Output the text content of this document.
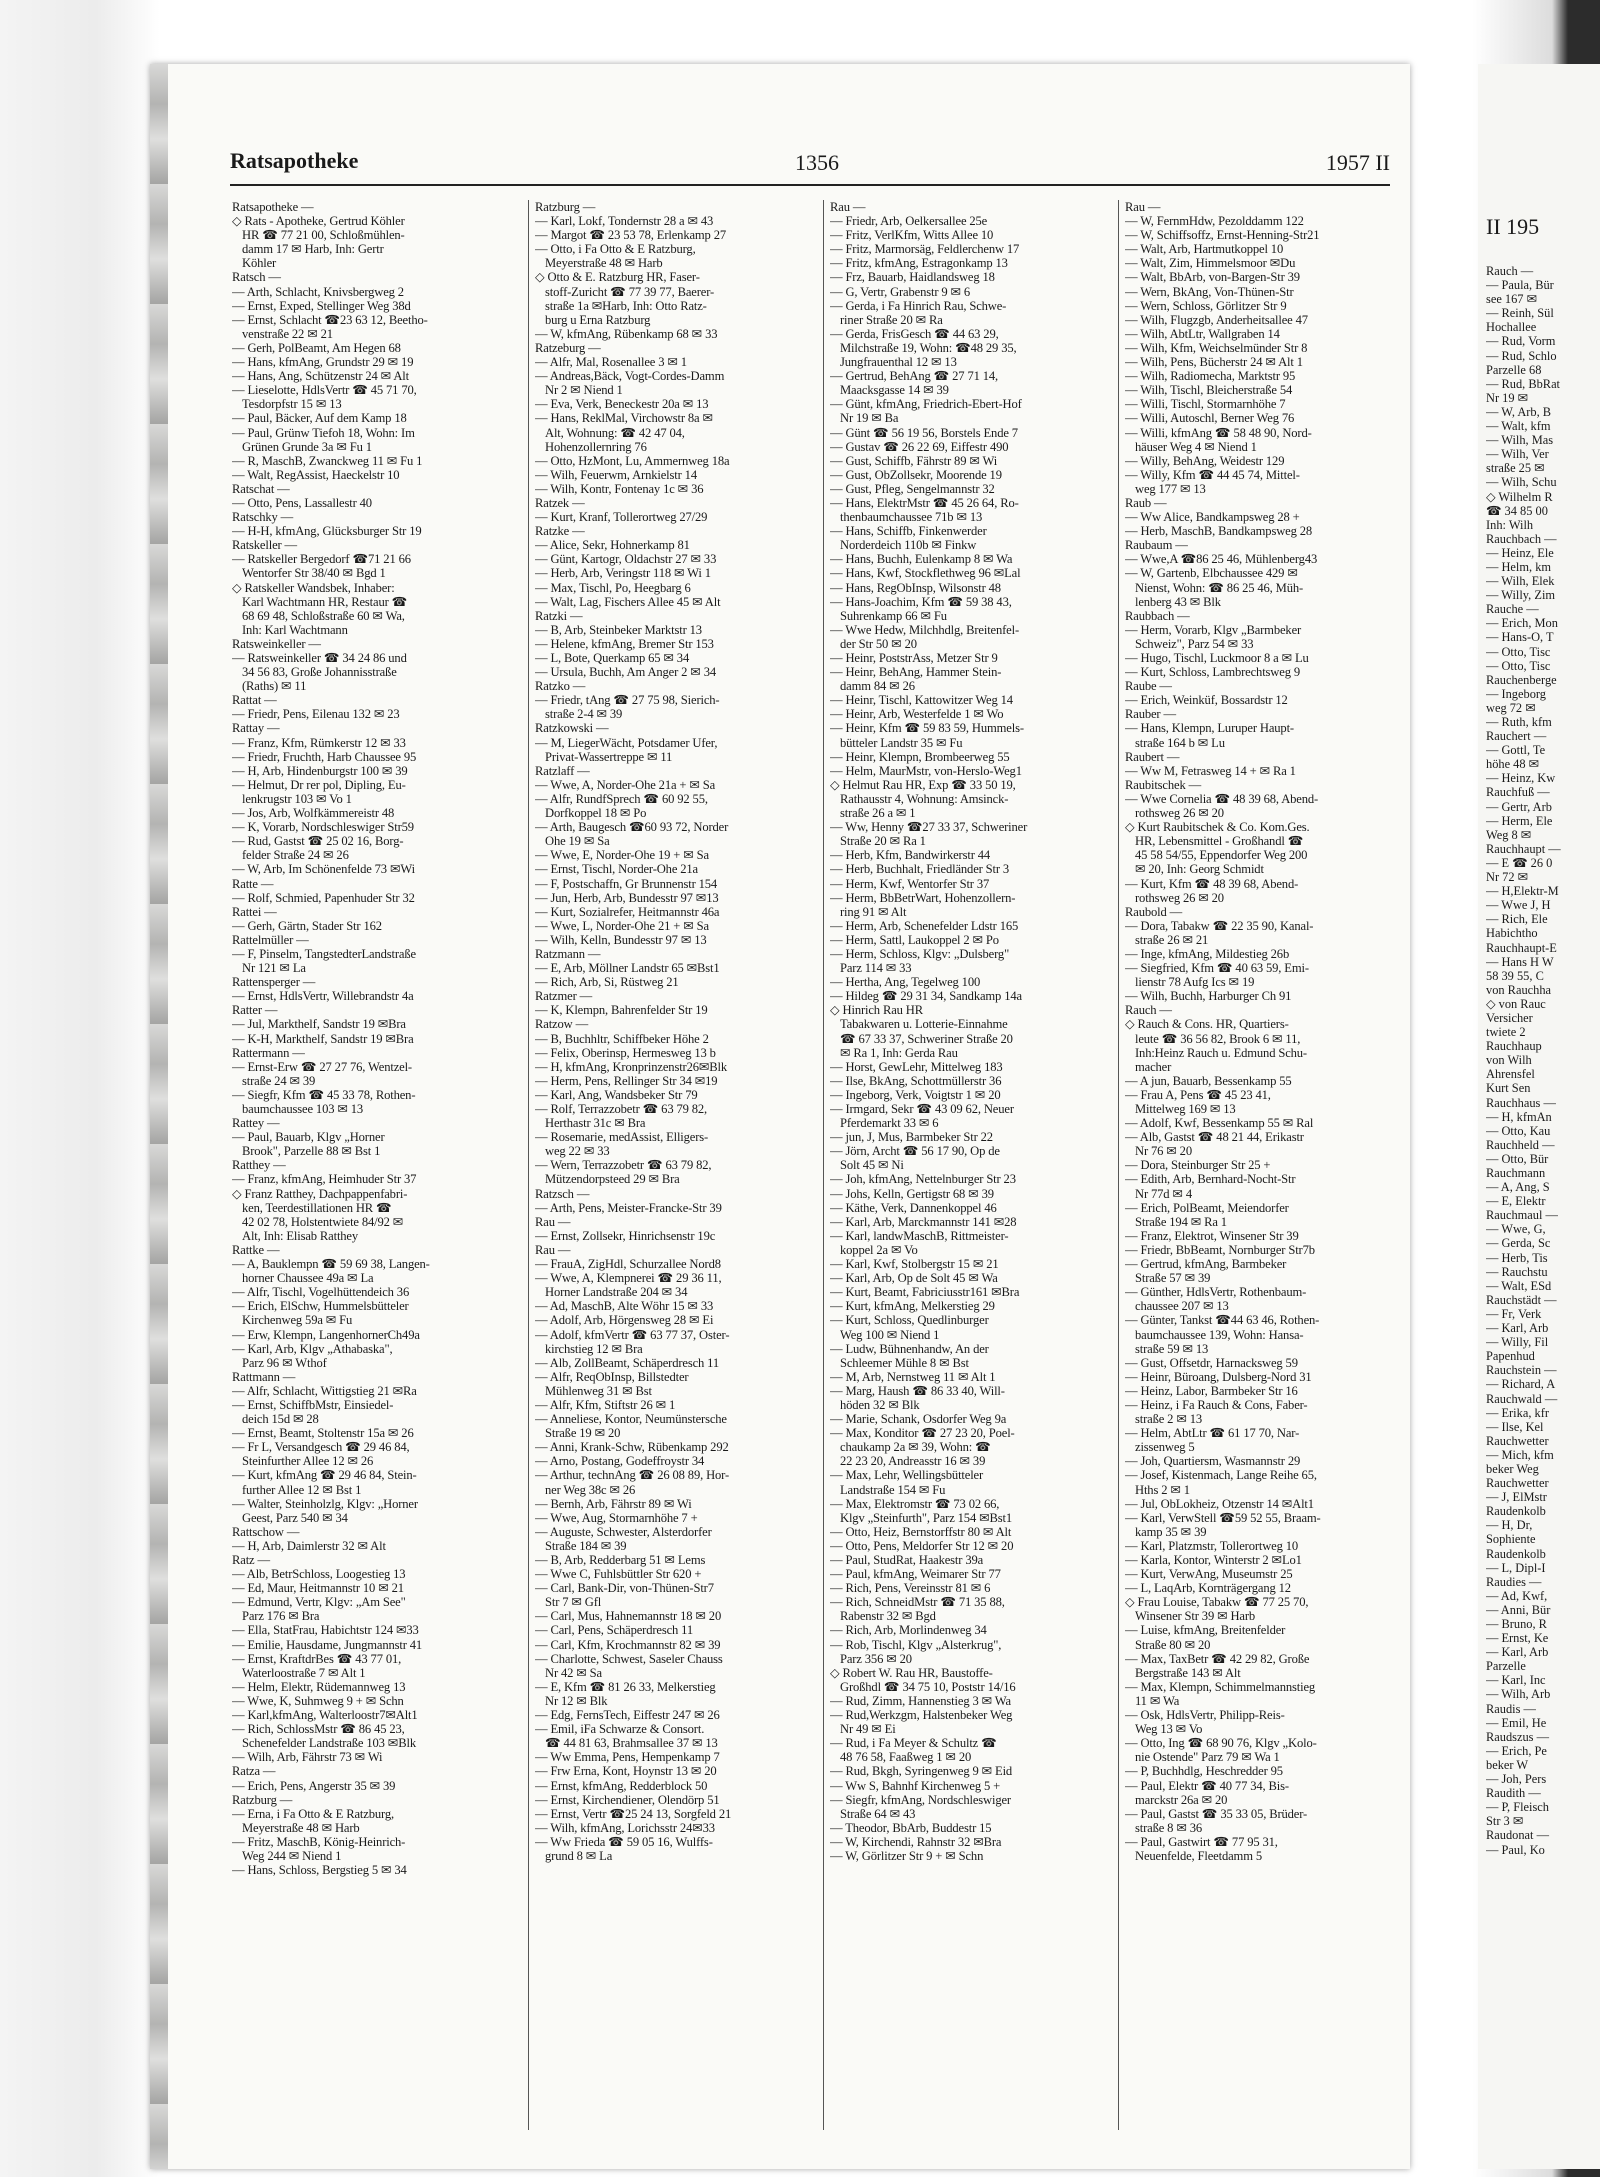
Ratsapotheke	1356	1957 II
Ratsapotheke —
◇ Rats - Apotheke, Gertrud Köhler
HR ☎ 77 21 00, Schloßmühlen-
damm 17 ✉ Harb, Inh: Gertr
Köhler
Ratsch —
— Arth, Schlacht, Knivsbergweg 2
— Ernst, Exped, Stellinger Weg 38d
— Ernst, Schlacht ☎23 63 12, Beetho-
venstraße 22 ✉ 21
— Gerh, PolBeamt, Am Hegen 68
— Hans, kfmAng, Grundstr 29 ✉ 19
— Hans, Ang, Schützenstr 24 ✉ Alt
— Lieselotte, HdlsVertr ☎ 45 71 70,
Tesdorpfstr 15 ✉ 13
— Paul, Bäcker, Auf dem Kamp 18
— Paul, Grünw Tiefoh 18, Wohn: Im
Grünen Grunde 3a ✉ Fu 1
— R, MaschB, Zwanckweg 11 ✉ Fu 1
— Walt, RegAssist, Haeckelstr 10
Ratschat —
— Otto, Pens, Lassallestr 40
Ratschky —
— H-H, kfmAng, Glücksburger Str 19
Ratskeller —
— Ratskeller Bergedorf ☎71 21 66
Wentorfer Str 38/40 ✉ Bgd 1
◇ Ratskeller Wandsbek, Inhaber:
Karl Wachtmann HR, Restaur ☎
68 69 48, Schloßstraße 60 ✉ Wa,
Inh: Karl Wachtmann
Ratsweinkeller —
— Ratsweinkeller ☎ 34 24 86 und
34 56 83, Große Johannisstraße
(Raths) ✉ 11
Rattat —
— Friedr, Pens, Eilenau 132 ✉ 23
Rattay —
— Franz, Kfm, Rümkerstr 12 ✉ 33
— Friedr, Fruchth, Harb Chaussee 95
— H, Arb, Hindenburgstr 100 ✉ 39
— Helmut, Dr rer pol, Dipling, Eu-
lenkrugstr 103 ✉ Vo 1
— Jos, Arb, Wolfkämmereistr 48
— K, Vorarb, Nordschleswiger Str59
— Rud, Gastst ☎ 25 02 16, Borg-
felder Straße 24 ✉ 26
— W, Arb, Im Schönenfelde 73 ✉Wi
Ratte —
— Rolf, Schmied, Papenhuder Str 32
Rattei —
— Gerh, Gärtn, Stader Str 162
Rattelmüller —
— F, Pinselm, TangstedterLandstraße
Nr 121 ✉ La
Rattensperger —
— Ernst, HdlsVertr, Willebrandstr 4a
Ratter —
— Jul, Markthelf, Sandstr 19 ✉Bra
— K-H, Markthelf, Sandstr 19 ✉Bra
Rattermann —
— Ernst-Erw ☎ 27 27 76, Wentzel-
straße 24 ✉ 39
— Siegfr, Kfm ☎ 45 33 78, Rothen-
baumchaussee 103 ✉ 13
Rattey —
— Paul, Bauarb, Klgv „Horner
Brook", Parzelle 88 ✉ Bst 1
Ratthey —
— Franz, kfmAng, Heimhuder Str 37
◇ Franz Ratthey, Dachpappenfabri-
ken, Teerdestillationen HR ☎
42 02 78, Holstentwiete 84/92 ✉
Alt, Inh: Elisab Ratthey
Rattke —
— A, Bauklempn ☎ 59 69 38, Langen-
horner Chaussee 49a ✉ La
— Alfr, Tischl, Vogelhüttendeich 36
— Erich, ElSchw, Hummelsbütteler
Kirchenweg 59a ✉ Fu
— Erw, Klempn, LangenhornerCh49a
— Karl, Arb, Klgv „Athabaska",
Parz 96 ✉ Wthof
Rattmann —
— Alfr, Schlacht, Wittigstieg 21 ✉Ra
— Ernst, SchiffbMstr, Einsiedel-
deich 15d ✉ 28
— Ernst, Beamt, Stoltenstr 15a ✉ 26
— Fr L, Versandgesch ☎ 29 46 84,
Steinfurther Allee 12 ✉ 26
— Kurt, kfmAng ☎ 29 46 84, Stein-
further Allee 12 ✉ Bst 1
— Walter, Steinholzlg, Klgv: „Horner
Geest, Parz 540 ✉ 34
Rattschow —
— H, Arb, Daimlerstr 32 ✉ Alt
Ratz —
— Alb, BetrSchloss, Loogestieg 13
— Ed, Maur, Heitmannstr 10 ✉ 21
— Edmund, Vertr, Klgv: „Am See"
Parz 176 ✉ Bra
— Ella, StatFrau, Habichtstr 124 ✉33
— Emilie, Hausdame, Jungmannstr 41
— Ernst, KraftdrBes ☎ 43 77 01,
Waterloostraße 7 ✉ Alt 1
— Helm, Elektr, Rüdemannweg 13
— Wwe, K, Suhmweg 9 + ✉ Schn
— Karl,kfmAng, Walterloostr7✉Alt1
— Rich, SchlossMstr ☎ 86 45 23,
Schenefelder Landstraße 103 ✉Blk
— Wilh, Arb, Fährstr 73 ✉ Wi
Ratza —
— Erich, Pens, Angerstr 35 ✉ 39
Ratzburg —
— Erna, i Fa Otto & E Ratzburg,
Meyerstraße 48 ✉ Harb
— Fritz, MaschB, König-Heinrich-
Weg 244 ✉ Niend 1
— Hans, Schloss, Bergstieg 5 ✉ 34
Ratzburg —
— Karl, Lokf, Tondernstr 28 a ✉ 43
— Margot ☎ 23 53 78, Erlenkamp 27
— Otto, i Fa Otto & E Ratzburg,
Meyerstraße 48 ✉ Harb
◇ Otto & E. Ratzburg HR, Faser-
stoff-Zuricht ☎ 77 39 77, Baerer-
straße 1a ✉Harb, Inh: Otto Ratz-
burg u Erna Ratzburg
— W, kfmAng, Rübenkamp 68 ✉ 33
Ratzeburg —
— Alfr, Mal, Rosenallee 3 ✉ 1
— Andreas,Bäck, Vogt-Cordes-Damm
Nr 2 ✉ Niend 1
— Eva, Verk, Beneckestr 20a ✉ 13
— Hans, ReklMal, Virchowstr 8a ✉
Alt, Wohnung: ☎ 42 47 04,
Hohenzollernring 76
— Otto, HzMont, Lu, Ammernweg 18a
— Wilh, Feuerwm, Arnkielstr 14
— Wilh, Kontr, Fontenay 1c ✉ 36
Ratzek —
— Kurt, Kranf, Tollerortweg 27/29
Ratzke —
— Alice, Sekr, Hohnerkamp 81
— Günt, Kartogr, Oldachstr 27 ✉ 33
— Herb, Arb, Veringstr 118 ✉ Wi 1
— Max, Tischl, Po, Heegbarg 6
— Walt, Lag, Fischers Allee 45 ✉ Alt
Ratzki —
— B, Arb, Steinbeker Marktstr 13
— Helene, kfmAng, Bremer Str 153
— L, Bote, Querkamp 65 ✉ 34
— Ursula, Buchh, Am Anger 2 ✉ 34
Ratzko —
— Friedr, tAng ☎ 27 75 98, Sierich-
straße 2-4 ✉ 39
Ratzkowski —
— M, LiegerWächt, Potsdamer Ufer,
Privat-Wassertreppe ✉ 11
Ratzlaff —
— Wwe, A, Norder-Ohe 21a + ✉ Sa
— Alfr, RundfSprech ☎ 60 92 55,
Dorfkoppel 18 ✉ Po
— Arth, Baugesch ☎60 93 72, Norder
Ohe 19 ✉ Sa
— Wwe, E, Norder-Ohe 19 + ✉ Sa
— Ernst, Tischl, Norder-Ohe 21a
— F, Postschaffn, Gr Brunnenstr 154
— Jun, Herb, Arb, Bundesstr 97 ✉13
— Kurt, Sozialrefer, Heitmannstr 46a
— Wwe, L, Norder-Ohe 21 + ✉ Sa
— Wilh, Kelln, Bundesstr 97 ✉ 13
Ratzmann —
— E, Arb, Möllner Landstr 65 ✉Bst1
— Rich, Arb, Si, Rüstweg 21
Ratzmer —
— K, Klempn, Bahrenfelder Str 19
Ratzow —
— B, Buchhltr, Schiffbeker Höhe 2
— Felix, Oberinsp, Hermesweg 13 b
— H, kfmAng, Kronprinzenstr26✉Blk
— Herm, Pens, Rellinger Str 34 ✉19
— Karl, Ang, Wandsbeker Str 79
— Rolf, Terrazzobetr ☎ 63 79 82,
Herthastr 31c ✉ Bra
— Rosemarie, medAssist, Elligers-
weg 22 ✉ 33
— Wern, Terrazzobetr ☎ 63 79 82,
Mützendorpsteed 29 ✉ Bra
Ratzsch —
— Arth, Pens, Meister-Francke-Str 39
Rau —
— Ernst, Zollsekr, Hinrichsenstr 19c
Rau —
— FrauA, ZigHdl, Schurzallee Nord8
— Wwe, A, Klempnerei ☎ 29 36 11,
Horner Landstraße 204 ✉ 34
— Ad, MaschB, Alte Wöhr 15 ✉ 33
— Adolf, Arb, Hörgensweg 28 ✉ Ei
— Adolf, kfmVertr ☎ 63 77 37, Oster-
kirchstieg 12 ✉ Bra
— Alb, ZollBeamt, Schäperdresch 11
— Alfr, ReqObInsp, Billstedter
Mühlenweg 31 ✉ Bst
— Alfr, Kfm, Stiftstr 26 ✉ 1
— Anneliese, Kontor, Neumünstersche
Straße 19 ✉ 20
— Anni, Krank-Schw, Rübenkamp 292
— Arno, Postang, Godeffroystr 34
— Arthur, technAng ☎ 26 08 89, Hor-
ner Weg 38c ✉ 26
— Bernh, Arb, Fährstr 89 ✉ Wi
— Wwe, Aug, Stormarnhöhe 7 +
— Auguste, Schwester, Alsterdorfer
Straße 184 ✉ 39
— B, Arb, Redderbarg 51 ✉ Lems
— Wwe C, Fuhlsbüttler Str 620 +
— Carl, Bank-Dir, von-Thünen-Str7
Str 7 ✉ Gfl
— Carl, Mus, Hahnemannstr 18 ✉ 20
— Carl, Pens, Schäperdresch 11
— Carl, Kfm, Krochmannstr 82 ✉ 39
— Charlotte, Schwest, Saseler Chauss
Nr 42 ✉ Sa
— E, Kfm ☎ 81 26 33, Melkerstieg
Nr 12 ✉ Blk
— Edg, FernsTech, Eiffestr 247 ✉ 26
— Emil, iFa Schwarze & Consort.
☎ 44 81 63, Brahmsallee 37 ✉ 13
— Ww Emma, Pens, Hempenkamp 7
— Frw Erna, Kont, Hoynstr 13 ✉ 20
— Ernst, kfmAng, Redderblock 50
— Ernst, Kirchendiener, Olendörp 51
— Ernst, Vertr ☎25 24 13, Sorgfeld 21
— Wilh, kfmAng, Lorichsstr 24✉33
— Ww Frieda ☎ 59 05 16, Wulffs-
grund 8 ✉ La
Rau —
— Friedr, Arb, Oelkersallee 25e
— Fritz, VerlKfm, Witts Allee 10
— Fritz, Marmorsäg, Feldlerchenw 17
— Fritz, kfmAng, Estragonkamp 13
— Frz, Bauarb, Haidlandsweg 18
— G, Vertr, Grabenstr 9 ✉ 6
— Gerda, i Fa Hinrich Rau, Schwe-
riner Straße 20 ✉ Ra
— Gerda, FrisGesch ☎ 44 63 29,
Milchstraße 19, Wohn: ☎48 29 35,
Jungfrauenthal 12 ✉ 13
— Gertrud, BehAng ☎ 27 71 14,
Maacksgasse 14 ✉ 39
— Günt, kfmAng, Friedrich-Ebert-Hof
Nr 19 ✉ Ba
— Günt ☎ 56 19 56, Borstels Ende 7
— Gustav ☎ 26 22 69, Eiffestr 490
— Gust, Schiffb, Fährstr 89 ✉ Wi
— Gust, ObZollsekr, Moorende 19
— Gust, Pfleg, Sengelmannstr 32
— Hans, ElektrMstr ☎ 45 26 64, Ro-
thenbaumchaussee 71b ✉ 13
— Hans, Schiffb, Finkenwerder
Norderdeich 110b ✉ Finkw
— Hans, Buchh, Eulenkamp 8 ✉ Wa
— Hans, Kwf, Stockflethweg 96 ✉Lal
— Hans, RegObInsp, Wilsonstr 48
— Hans-Joachim, Kfm ☎ 59 38 43,
Suhrenkamp 66 ✉ Fu
— Wwe Hedw, Milchhdlg, Breitenfel-
der Str 50 ✉ 20
— Heinr, PoststrAss, Metzer Str 9
— Heinr, BehAng, Hammer Stein-
damm 84 ✉ 26
— Heinr, Tischl, Kattowitzer Weg 14
— Heinr, Arb, Westerfelde 1 ✉ Wo
— Heinr, Kfm ☎ 59 83 59, Hummels-
bütteler Landstr 35 ✉ Fu
— Heinr, Klempn, Brombeerweg 55
— Helm, MaurMstr, von-Herslo-Weg1
◇ Helmut Rau HR, Exp ☎ 33 50 19,
Rathausstr 4, Wohnung: Amsinck-
straße 26 a ✉ 1
— Ww, Henny ☎27 33 37, Schweriner
Straße 20 ✉ Ra 1
— Herb, Kfm, Bandwirkerstr 44
— Herb, Buchhalt, Friedländer Str 3
— Herm, Kwf, Wentorfer Str 37
— Herm, BbBetrWart, Hohenzollern-
ring 91 ✉ Alt
— Herm, Arb, Schenefelder Ldstr 165
— Herm, Sattl, Laukoppel 2 ✉ Po
— Herm, Schloss, Klgv: „Dulsberg"
Parz 114 ✉ 33
— Hertha, Ang, Tegelweg 100
— Hildeg ☎ 29 31 34, Sandkamp 14a
◇ Hinrich Rau HR
Tabakwaren u. Lotterie-Einnahme
☎ 67 33 37, Schweriner Straße 20
✉ Ra 1, Inh: Gerda Rau
— Horst, GewLehr, Mittelweg 183
— Ilse, BkAng, Schottmüllerstr 36
— Ingeborg, Verk, Voigtstr 1 ✉ 20
— Irmgard, Sekr ☎ 43 09 62, Neuer
Pferdemarkt 33 ✉ 6
— jun, J, Mus, Barmbeker Str 22
— Jörn, Archt ☎ 56 17 90, Op de
Solt 45 ✉ Ni
— Joh, kfmAng, Nettelnburger Str 23
— Johs, Kelln, Gertigstr 68 ✉ 39
— Käthe, Verk, Dannenkoppel 46
— Karl, Arb, Marckmannstr 141 ✉28
— Karl, landwMaschB, Rittmeister-
koppel 2a ✉ Vo
— Karl, Kwf, Stolbergstr 15 ✉ 21
— Karl, Arb, Op de Solt 45 ✉ Wa
— Kurt, Beamt, Fabriciusstr161 ✉Bra
— Kurt, kfmAng, Melkerstieg 29
— Kurt, Schloss, Quedlinburger
Weg 100 ✉ Niend 1
— Ludw, Bühnenhandw, An der
Schleemer Mühle 8 ✉ Bst
— M, Arb, Nernstweg 11 ✉ Alt 1
— Marg, Haush ☎ 86 33 40, Will-
höden 32 ✉ Blk
— Marie, Schank, Osdorfer Weg 9a
— Max, Konditor ☎ 27 23 20, Poel-
chaukamp 2a ✉ 39, Wohn: ☎
22 23 20, Andreasstr 16 ✉ 39
— Max, Lehr, Wellingsbütteler
Landstraße 154 ✉ Fu
— Max, Elektromstr ☎ 73 02 66,
Klgv „Steinfurth", Parz 154 ✉Bst1
— Otto, Heiz, Bernstorffstr 80 ✉ Alt
— Otto, Pens, Meldorfer Str 12 ✉ 20
— Paul, StudRat, Haakestr 39a
— Paul, kfmAng, Weimarer Str 77
— Rich, Pens, Vereinsstr 81 ✉ 6
— Rich, SchneidMstr ☎ 71 35 88,
Rabenstr 32 ✉ Bgd
— Rich, Arb, Morlindenweg 34
— Rob, Tischl, Klgv „Alsterkrug",
Parz 356 ✉ 20
◇ Robert W. Rau HR, Baustoffe-
Großhdl ☎ 34 75 10, Poststr 14/16
— Rud, Zimm, Hannenstieg 3 ✉ Wa
— Rud,Werkzgm, Halstenbeker Weg
Nr 49 ✉ Ei
— Rud, i Fa Meyer & Schultz ☎
48 76 58, Faaßweg 1 ✉ 20
— Rud, Bkgh, Syringenweg 9 ✉ Eid
— Ww S, Bahnhf Kirchenweg 5 +
— Siegfr, kfmAng, Nordschleswiger
Straße 64 ✉ 43
— Theodor, BbArb, Buddestr 15
— W, Kirchendi, Rahnstr 32 ✉Bra
— W, Görlitzer Str 9 + ✉ Schn
Rau —
— W, FernmHdw, Pezolddamm 122
— W, Schiffsoffz, Ernst-Henning-Str21
— Walt, Arb, Hartmutkoppel 10
— Walt, Zim, Himmelsmoor ✉Du
— Walt, BbArb, von-Bargen-Str 39
— Wern, BkAng, Von-Thünen-Str
— Wern, Schloss, Görlitzer Str 9
— Wilh, Flugzgb, Anderheitsallee 47
— Wilh, AbtLtr, Wallgraben 14
— Wilh, Kfm, Weichselmünder Str 8
— Wilh, Pens, Bücherstr 24 ✉ Alt 1
— Wilh, Radiomecha, Marktstr 95
— Wilh, Tischl, Bleicherstraße 54
— Willi, Tischl, Stormarnhöhe 7
— Willi, Autoschl, Berner Weg 76
— Willi, kfmAng ☎ 58 48 90, Nord-
häuser Weg 4 ✉ Niend 1
— Willy, BehAng, Weidestr 129
— Willy, Kfm ☎ 44 45 74, Mittel-
weg 177 ✉ 13
Raub —
— Ww Alice, Bandkampsweg 28 +
— Herb, MaschB, Bandkampsweg 28
Raubaum —
— Wwe,A ☎86 25 46, Mühlenberg43
— W, Gartenb, Elbchaussee 429 ✉
Nienst, Wohn: ☎ 86 25 46, Müh-
lenberg 43 ✉ Blk
Raubbach —
— Herm, Vorarb, Klgv „Barmbeker
Schweiz", Parz 54 ✉ 33
— Hugo, Tischl, Luckmoor 8 a ✉ Lu
— Kurt, Schloss, Lambrechtsweg 9
Raube —
— Erich, Weinküf, Bossardstr 12
Rauber —
— Hans, Klempn, Luruper Haupt-
straße 164 b ✉ Lu
Raubert —
— Ww M, Fetrasweg 14 + ✉ Ra 1
Raubitschek —
— Wwe Cornelia ☎ 48 39 68, Abend-
rothsweg 26 ✉ 20
◇ Kurt Raubitschek & Co. Kom.Ges.
HR, Lebensmittel - Großhandl ☎
45 58 54/55, Eppendorfer Weg 200
✉ 20, Inh: Georg Schmidt
— Kurt, Kfm ☎ 48 39 68, Abend-
rothsweg 26 ✉ 20
Raubold —
— Dora, Tabakw ☎ 22 35 90, Kanal-
straße 26 ✉ 21
— Inge, kfmAng, Mildestieg 26b
— Siegfried, Kfm ☎ 40 63 59, Emi-
lienstr 78 Aufg Ics ✉ 19
— Wilh, Buchh, Harburger Ch 91
Rauch —
◇ Rauch & Cons. HR, Quartiers-
leute ☎ 36 56 82, Brook 6 ✉ 11,
Inh:Heinz Rauch u. Edmund Schu-
macher
— A jun, Bauarb, Bessenkamp 55
— Frau A, Pens ☎ 45 23 41,
Mittelweg 169 ✉ 13
— Adolf, Kwf, Bessenkamp 55 ✉ Ral
— Alb, Gastst ☎ 48 21 44, Erikastr
Nr 76 ✉ 20
— Dora, Steinburger Str 25 +
— Edith, Arb, Bernhard-Nocht-Str
Nr 77d ✉ 4
— Erich, PolBeamt, Meiendorfer
Straße 194 ✉ Ra 1
— Franz, Elektrot, Winsener Str 39
— Friedr, BbBeamt, Nornburger Str7b
— Gertrud, kfmAng, Barmbeker
Straße 57 ✉ 39
— Günther, HdlsVertr, Rothenbaum-
chaussee 207 ✉ 13
— Günter, Tankst ☎44 63 46, Rothen-
baumchaussee 139, Wohn: Hansa-
straße 59 ✉ 13
— Gust, Offsetdr, Harnacksweg 59
— Heinr, Büroang, Dulsberg-Nord 31
— Heinz, Labor, Barmbeker Str 16
— Heinz, i Fa Rauch & Cons, Faber-
straße 2 ✉ 13
— Helm, AbtLtr ☎ 61 17 70, Nar-
zissenweg 5
— Joh, Quartiersm, Wasmannstr 29
— Josef, Kistenmach, Lange Reihe 65,
Hths 2 ✉ 1
— Jul, ObLokheiz, Otzenstr 14 ✉Alt1
— Karl, VerwStell ☎59 52 55, Braam-
kamp 35 ✉ 39
— Karl, Platzmstr, Tollerortweg 10
— Karla, Kontor, Winterstr 2 ✉Lo1
— Kurt, VerwAng, Museumstr 25
— L, LaqArb, Kornträgergang 12
◇ Frau Louise, Tabakw ☎ 77 25 70,
Winsener Str 39 ✉ Harb
— Luise, kfmAng, Breitenfelder
Straße 80 ✉ 20
— Max, TaxBetr ☎ 42 29 82, Große
Bergstraße 143 ✉ Alt
— Max, Klempn, Schimmelmannstieg
11 ✉ Wa
— Osk, HdlsVertr, Philipp-Reis-
Weg 13 ✉ Vo
— Otto, Ing ☎ 68 90 76, Klgv „Kolo-
nie Ostende" Parz 79 ✉ Wa 1
— P, Buchhdlg, Heschredder 95
— Paul, Elektr ☎ 40 77 34, Bis-
marckstr 26a ✉ 20
— Paul, Gastst ☎ 35 33 05, Brüder-
straße 8 ✉ 36
— Paul, Gastwirt ☎ 77 95 31,
Neuenfelde, Fleetdamm 5
II 195
Rauch —
— Paula, Bür
see 167 ✉
— Reinh, Sül
Hochallee
— Rud, Vorm
— Rud, Schlo
Parzelle 68
— Rud, BbRat
Nr 19 ✉
— W, Arb, B
— Walt, kfm
— Wilh, Mas
— Wilh, Ver
straße 25 ✉
— Wilh, Schu
◇ Wilhelm R
☎ 34 85 00
Inh: Wilh
Rauchbach —
— Heinz, Ele
— Helm, km
— Wilh, Elek
— Willy, Zim
Rauche —
— Erich, Mon
— Hans-O, T
— Otto, Tisc
— Otto, Tisc
Rauchenberge
— Ingeborg
weg 72 ✉
— Ruth, kfm
Rauchert —
— Gottl, Te
höhe 48 ✉
— Heinz, Kw
Rauchfuß —
— Gertr, Arb
— Herm, Ele
Weg 8 ✉
Rauchhaupt —
— E ☎ 26 0
Nr 72 ✉
— H,Elektr-M
— Wwe J, H
— Rich, Ele
Habichtho
Rauchhaupt-E
— Hans H W
58 39 55, C
von Rauchha
◇ von Rauc
Versicher
twiete 2
Rauchhaup
von Wilh
Ahrensfel
Kurt Sen
Rauchhaus —
— H, kfmAn
— Otto, Kau
Rauchheld —
— Otto, Bür
Rauchmann
— A, Ang, S
— E, Elektr
Rauchmaul —
— Wwe, G,
— Gerda, Sc
— Herb, Tis
— Rauchstu
— Walt, ESd
Rauchstädt —
— Fr, Verk
— Karl, Arb
— Willy, Fil
Papenhud
Rauchstein —
— Richard, A
Rauchwald —
— Erika, kfr
— Ilse, Kel
Rauchwetter
— Mich, kfm
beker Weg
Rauchwetter
— J, ElMstr
Raudenkolb
— H, Dr,
Sophiente
Raudenkolb
— L, Dipl-I
Raudies —
— Ad, Kwf,
— Anni, Bür
— Bruno, R
— Ernst, Ke
— Karl, Arb
Parzelle
— Karl, Inc
— Wilh, Arb
Raudis —
— Emil, He
Raudszus —
— Erich, Pe
beker W
— Joh, Pers
Raudith —
— P, Fleisch
Str 3 ✉
Raudonat —
— Paul, Ko
